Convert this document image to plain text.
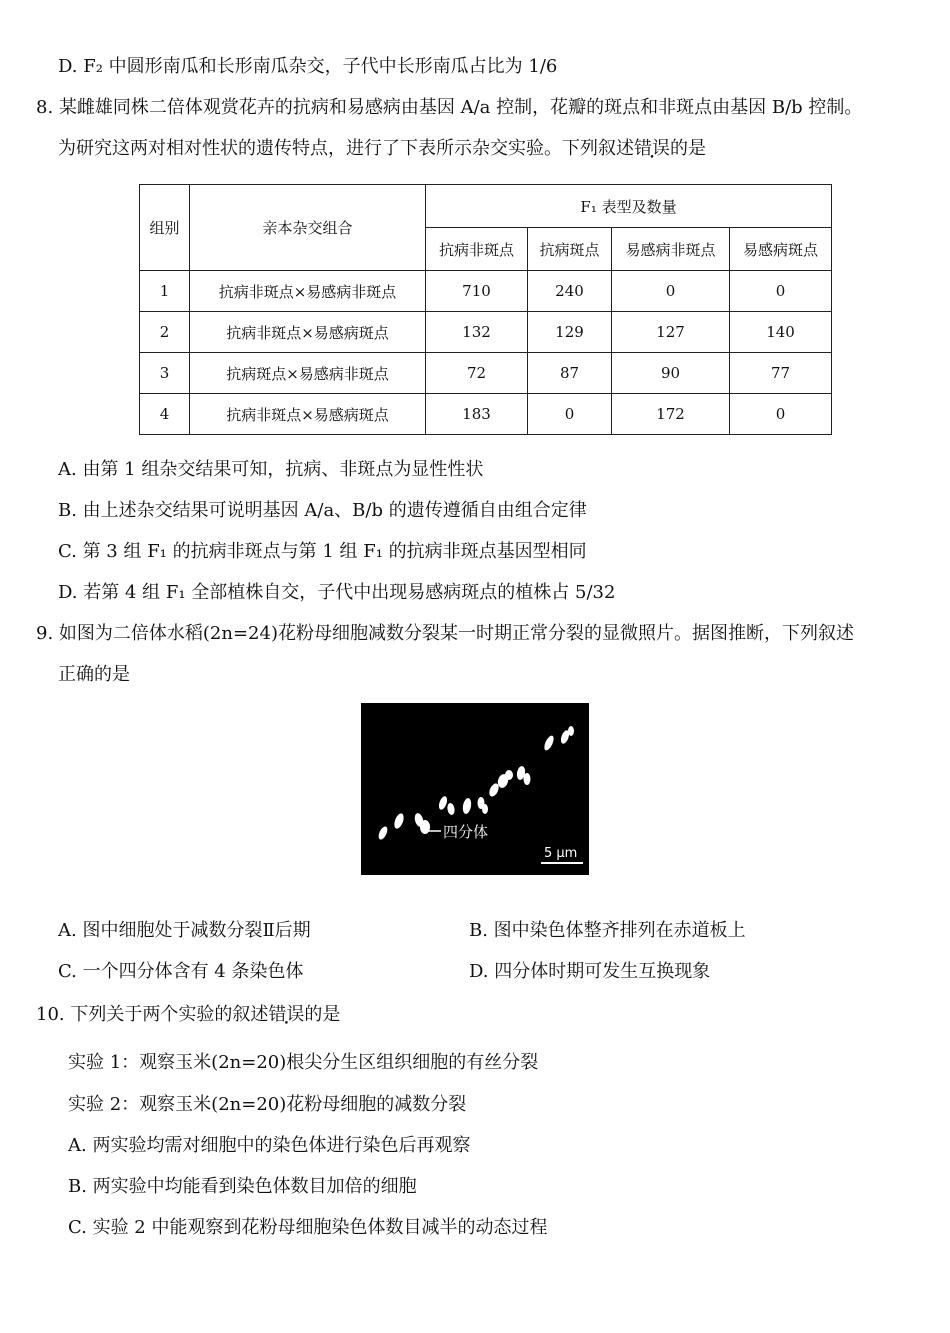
D. F₂ 中圆形南瓜和长形南瓜杂交，子代中长形南瓜占比为 1/6
8. 某雌雄同株二倍体观赏花卉的抗病和易感病由基因 A/a 控制，花瓣的斑点和非斑点由基因 B/b 控制。
为研究这两对相对性状的遗传特点，进行了下表所示杂交实验。下列叙述错误的是
组别	亲本杂交组合	F₁ 表型及数量			
		抗病非斑点	抗病斑点	易感病非斑点	易感病斑点
1	抗病非斑点×易感病非斑点	710	240	0	0
2	抗病非斑点×易感病斑点	132	129	127	140
3	抗病斑点×易感病非斑点	72	87	90	77
4	抗病非斑点×易感病斑点	183	0	172	0
A. 由第 1 组杂交结果可知，抗病、非斑点为显性性状
B. 由上述杂交结果可说明基因 A/a、B/b 的遗传遵循自由组合定律
C. 第 3 组 F₁ 的抗病非斑点与第 1 组 F₁ 的抗病非斑点基因型相同
D. 若第 4 组 F₁ 全部植株自交，子代中出现易感病斑点的植株占 5/32
9. 如图为二倍体水稻(2n=24)花粉母细胞减数分裂某一时期正常分裂的显微照片。据图推断，下列叙述
正确的是
四分体
5 μm
A. 图中细胞处于减数分裂Ⅱ后期	B. 图中染色体整齐排列在赤道板上
C. 一个四分体含有 4 条染色体	D. 四分体时期可发生互换现象
10. 下列关于两个实验的叙述错误的是
实验 1：观察玉米(2n=20)根尖分生区组织细胞的有丝分裂
实验 2：观察玉米(2n=20)花粉母细胞的减数分裂
A. 两实验均需对细胞中的染色体进行染色后再观察
B. 两实验中均能看到染色体数目加倍的细胞
C. 实验 2 中能观察到花粉母细胞染色体数目减半的动态过程
